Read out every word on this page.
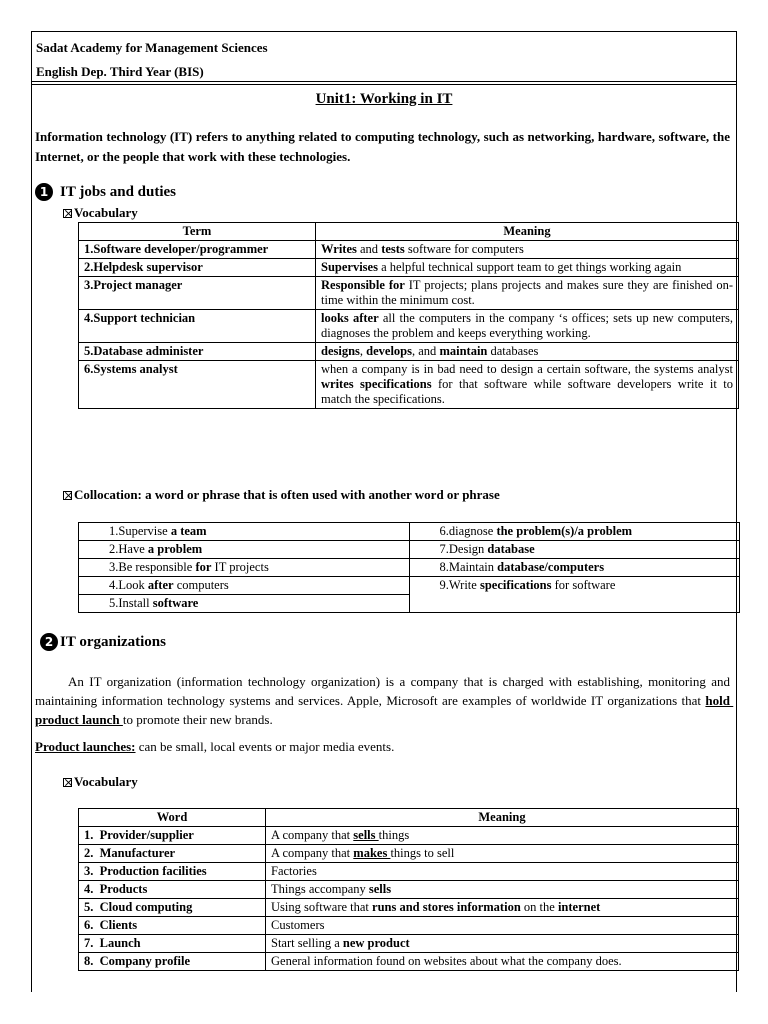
Sadat Academy for Management Sciences
English Dep. Third Year (BIS)
Unit1: Working in IT
Information technology (IT) refers to anything related to computing technology, such as networking, hardware, software, the Internet, or the people that work with these technologies.
1 IT jobs and duties
Vocabulary
Term	Meaning
1.Software developer/programmer	Writes and tests software for computers
2.Helpdesk supervisor	Supervises a helpful technical support team to get things working again
3.Project manager	Responsible for IT projects; plans projects and makes sure they are finished on-time within the minimum cost.
4.Support technician	looks after all the computers in the company ‘s offices; sets up new computers, diagnoses the problem and keeps everything working.
5.Database administer	designs, develops, and maintain databases
6.Systems analyst	when a company is in bad need to design a certain software, the systems analyst writes specifications for that software while software developers write it to match the specifications.
Collocation: a word or phrase that is often used with another word or phrase
1.Supervise a team	6.diagnose the problem(s)/a problem
2.Have a problem	7.Design database
3.Be responsible for IT projects	8.Maintain database/computers
4.Look after computers	9.Write specifications for software
5.Install software	
2 IT organizations
An IT organization (information technology organization) is a company that is charged with establishing, monitoring and maintaining information technology systems and services. Apple, Microsoft are examples of worldwide IT organizations that hold product launch to promote their new brands.
Product launches: can be small, local events or major media events.
Vocabulary
Word	Meaning
1.  Provider/supplier	A company that sells things
2.  Manufacturer	A company that makes things to sell
3.  Production facilities	Factories
4.  Products	Things accompany sells
5.  Cloud computing	Using software that runs and stores information on the internet
6.  Clients	Customers
7.  Launch	Start selling a new product
8.  Company profile	General information found on websites about what the company does.
